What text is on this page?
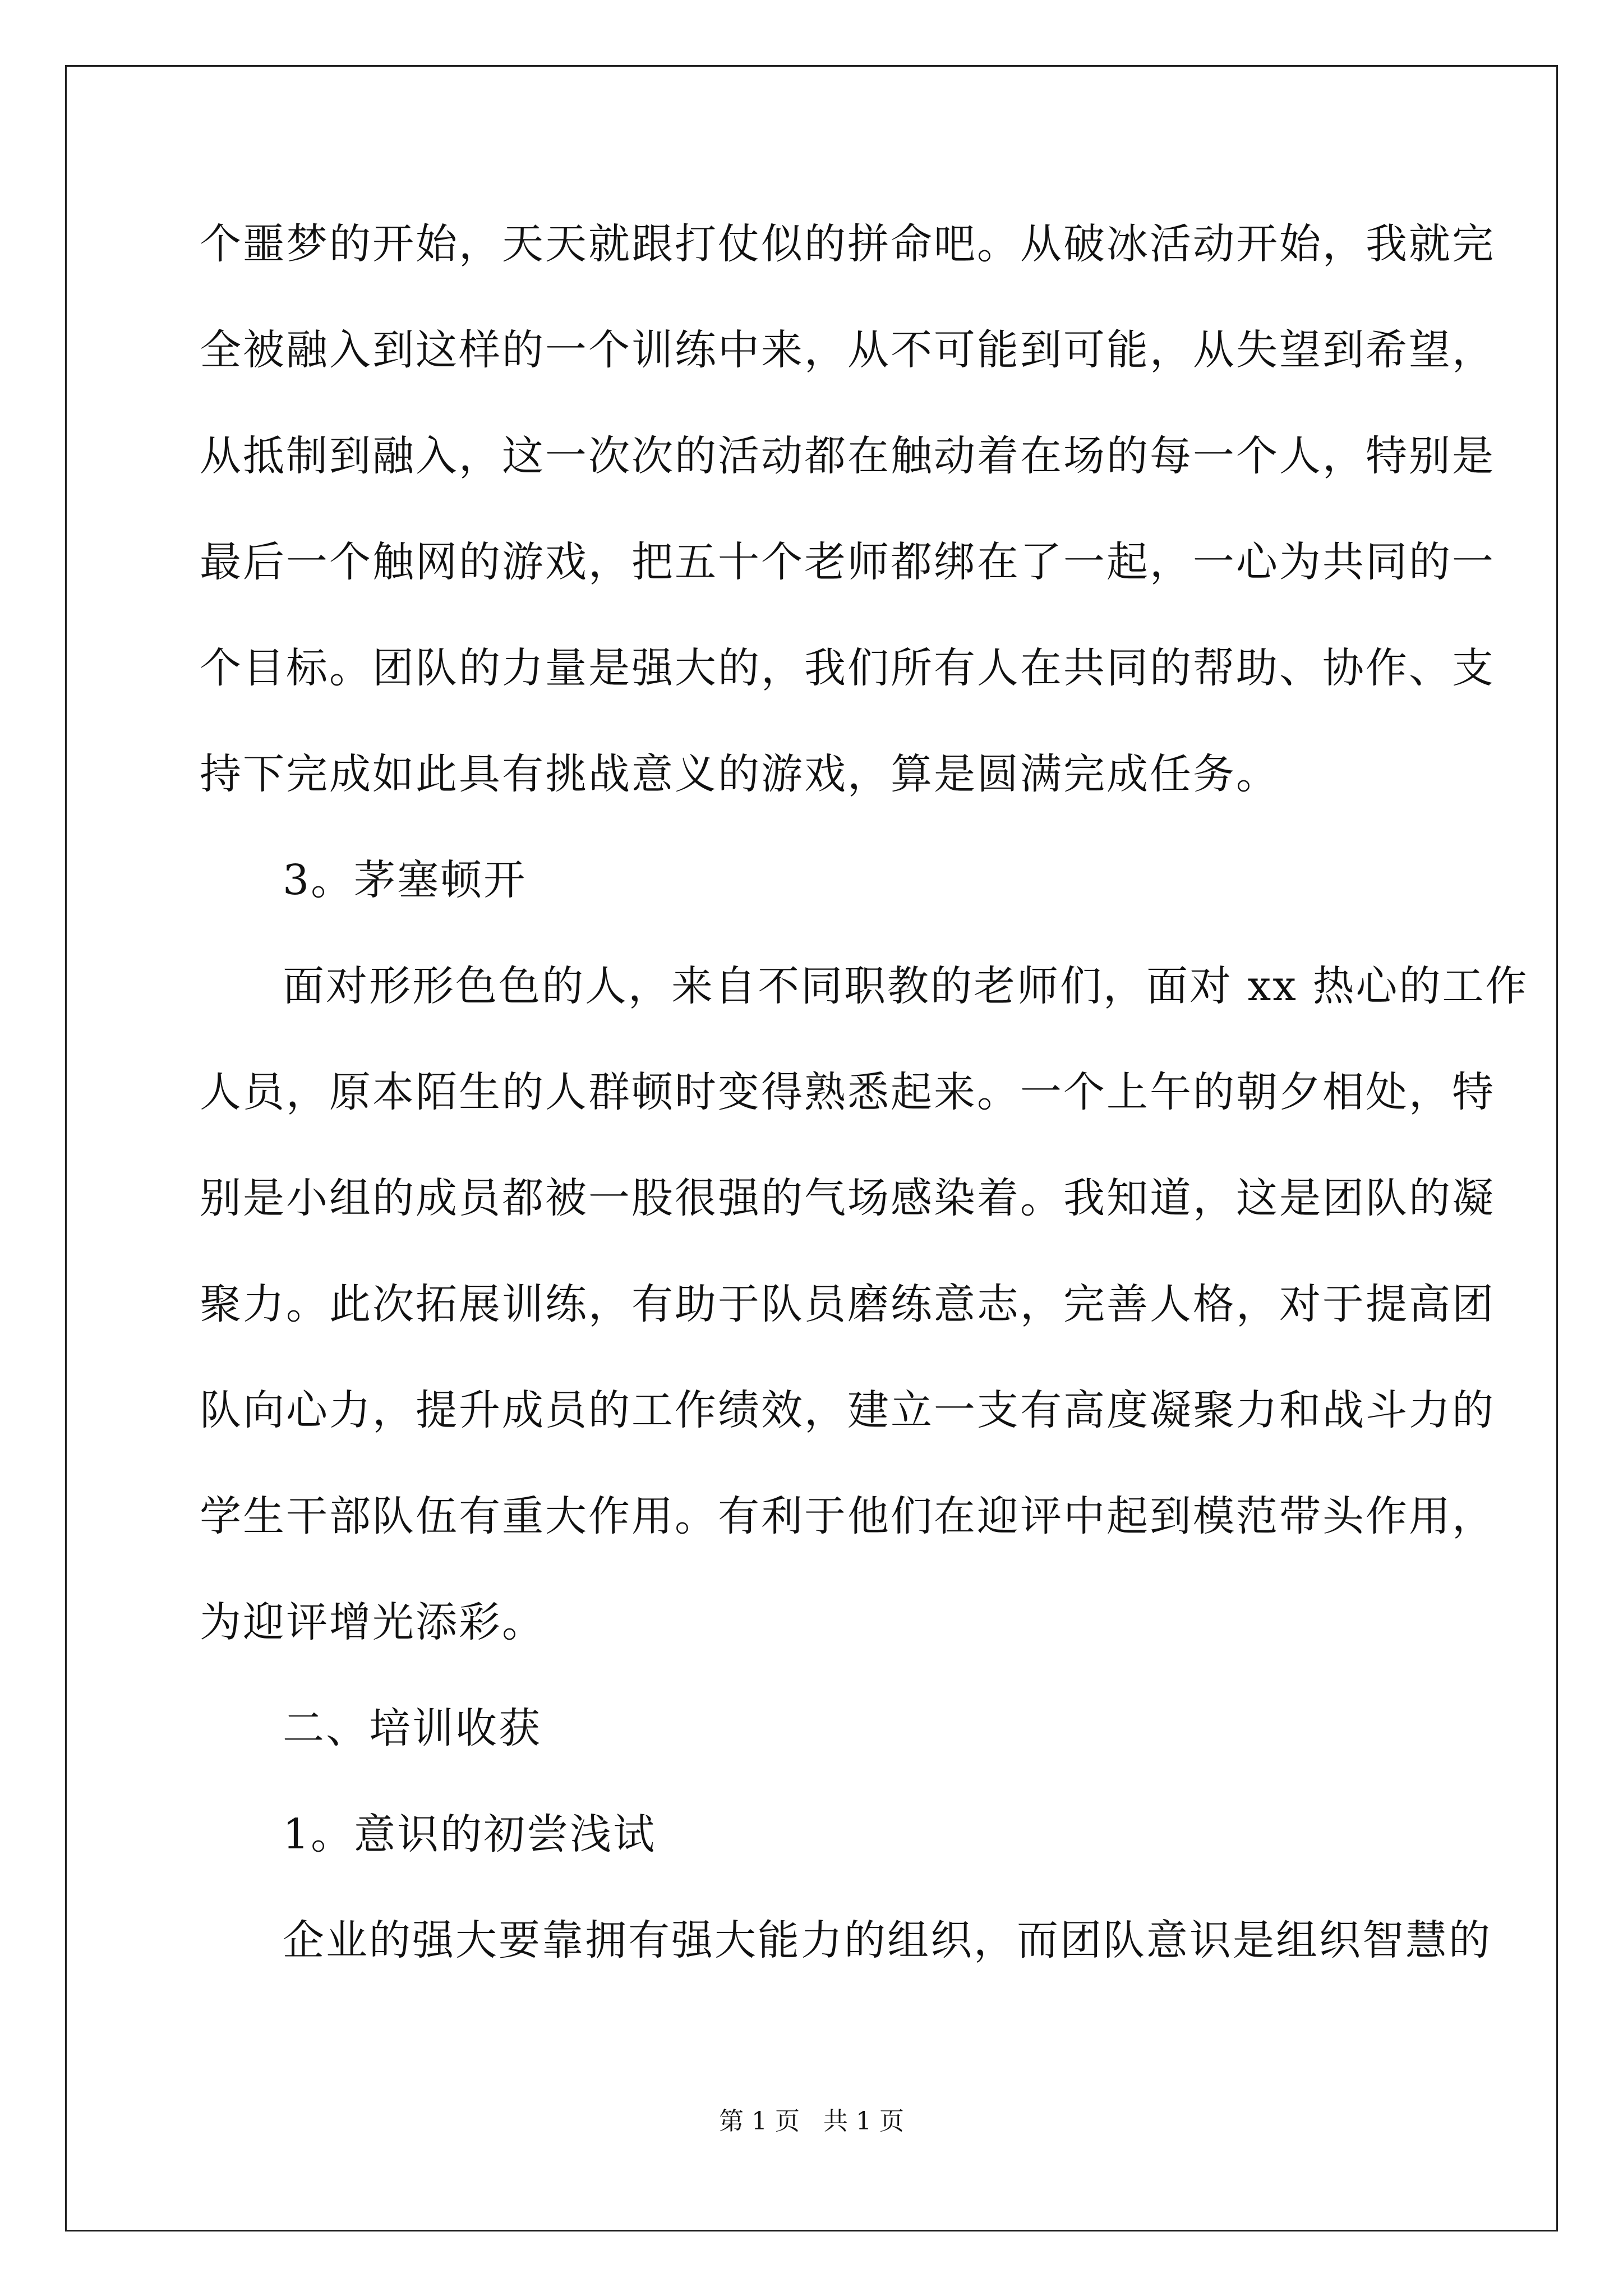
个噩梦的开始，天天就跟打仗似的拼命吧。从破冰活动开始，我就完
全被融入到这样的一个训练中来，从不可能到可能，从失望到希望，
从抵制到融入，这一次次的活动都在触动着在场的每一个人，特别是
最后一个触网的游戏，把五十个老师都绑在了一起，一心为共同的一
个目标。团队的力量是强大的，我们所有人在共同的帮助、协作、支
持下完成如此具有挑战意义的游戏，算是圆满完成任务。
3。茅塞顿开
面对形形色色的人，来自不同职教的老师们，面对 xx 热心的工作
人员，原本陌生的人群顿时变得熟悉起来。一个上午的朝夕相处，特
别是小组的成员都被一股很强的气场感染着。我知道，这是团队的凝
聚力。此次拓展训练，有助于队员磨练意志，完善人格，对于提高团
队向心力，提升成员的工作绩效，建立一支有高度凝聚力和战斗力的
学生干部队伍有重大作用。有利于他们在迎评中起到模范带头作用，
为迎评增光添彩。
二、培训收获
1。意识的初尝浅试
企业的强大要靠拥有强大能力的组织，而团队意识是组织智慧的
第 1 页 共 1 页
